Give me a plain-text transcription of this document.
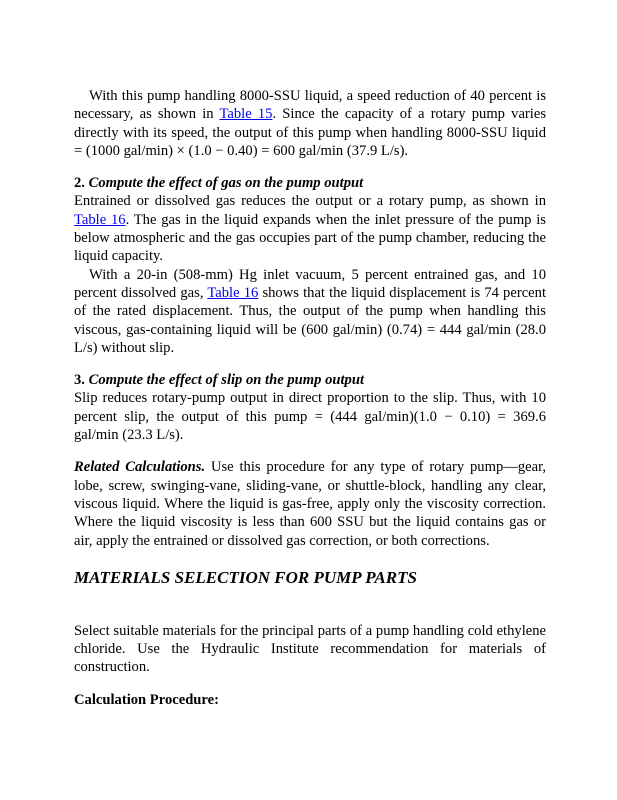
With this pump handling 8000-SSU liquid, a speed reduction of 40 percent is necessary, as shown in Table 15. Since the capacity of a rotary pump varies directly with its speed, the output of this pump when handling 8000-SSU liquid = (1000 gal/min) × (1.0 − 0.40) = 600 gal/min (37.9 L/s).

2. Compute the effect of gas on the pump output

Entrained or dissolved gas reduces the output or a rotary pump, as shown in Table 16. The gas in the liquid expands when the inlet pressure of the pump is below atmospheric and the gas occupies part of the pump chamber, reducing the liquid capacity.

With a 20-in (508-mm) Hg inlet vacuum, 5 percent entrained gas, and 10 percent dissolved gas, Table 16 shows that the liquid displacement is 74 percent of the rated displacement. Thus, the output of the pump when handling this viscous, gas-containing liquid will be (600 gal/min) (0.74) = 444 gal/min (28.0 L/s) without slip.

3. Compute the effect of slip on the pump output

Slip reduces rotary-pump output in direct proportion to the slip. Thus, with 10 percent slip, the output of this pump = (444 gal/min)(1.0 − 0.10) = 369.6 gal/min (23.3 L/s).

Related Calculations. Use this procedure for any type of rotary pump—gear, lobe, screw, swinging-vane, sliding-vane, or shuttle-block, handling any clear, viscous liquid. Where the liquid is gas-free, apply only the viscosity correction. Where the liquid viscosity is less than 600 SSU but the liquid contains gas or air, apply the entrained or dissolved gas correction, or both corrections.

MATERIALS SELECTION FOR PUMP PARTS

Select suitable materials for the principal parts of a pump handling cold ethylene chloride. Use the Hydraulic Institute recommendation for materials of construction.

Calculation Procedure:
